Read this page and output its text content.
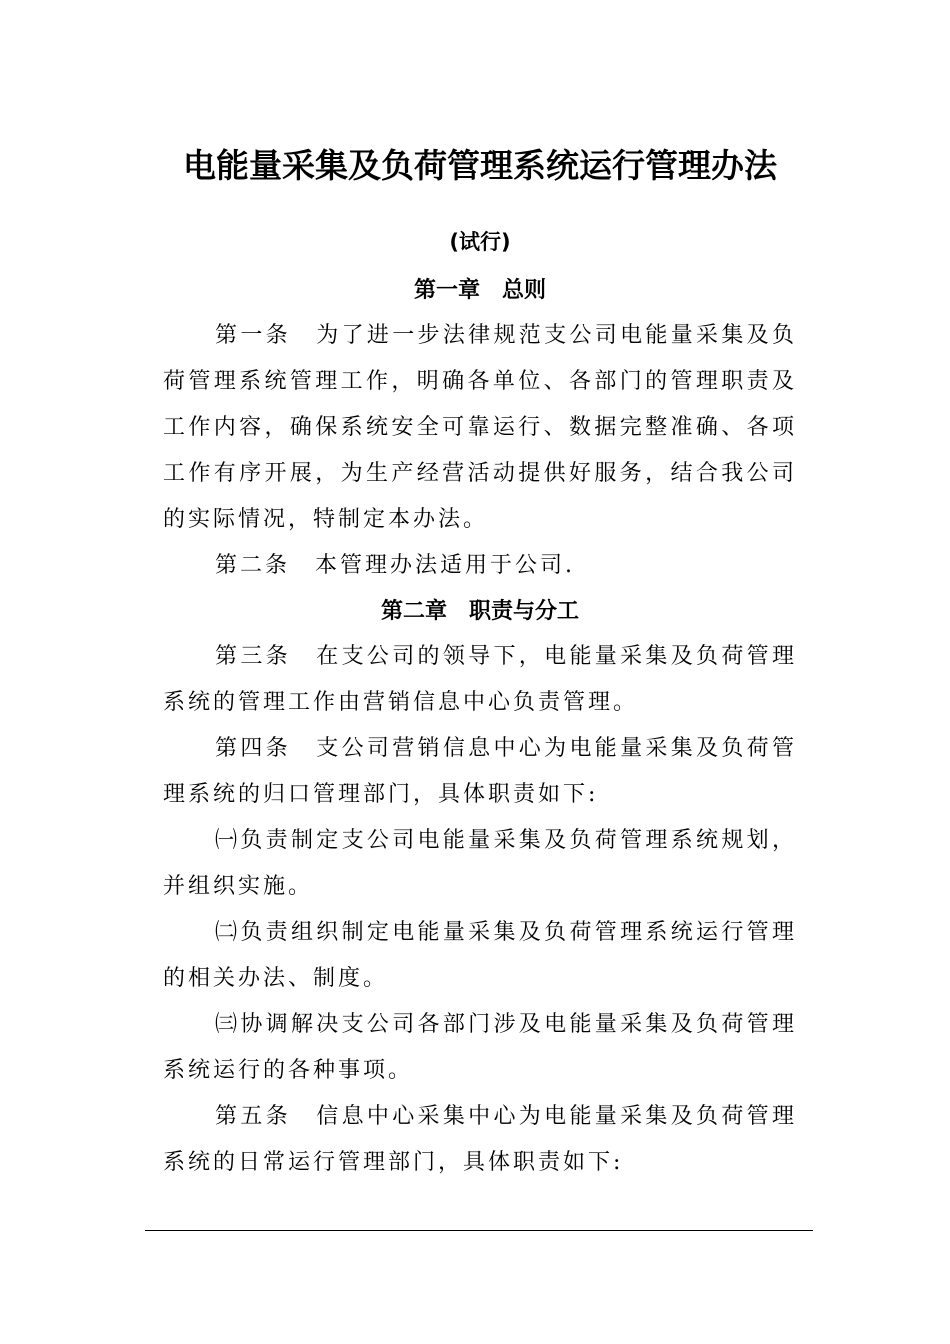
电能量采集及负荷管理系统运行管理办法
(试行)
第一章　总则

第一条　为了进一步法律规范支公司电能量采集及负荷管理系统管理工作，明确各单位、各部门的管理职责及工作内容，确保系统安全可靠运行、数据完整准确、各项工作有序开展，为生产经营活动提供好服务，结合我公司的实际情况，特制定本办法。

第二条　本管理办法适用于公司.

第二章　职责与分工

第三条　在支公司的领导下，电能量采集及负荷管理系统的管理工作由营销信息中心负责管理。

第四条　支公司营销信息中心为电能量采集及负荷管理系统的归口管理部门，具体职责如下:

㈠负责制定支公司电能量采集及负荷管理系统规划，并组织实施。

㈡负责组织制定电能量采集及负荷管理系统运行管理的相关办法、制度。

㈢协调解决支公司各部门涉及电能量采集及负荷管理系统运行的各种事项。

第五条　信息中心采集中心为电能量采集及负荷管理系统的日常运行管理部门，具体职责如下:
